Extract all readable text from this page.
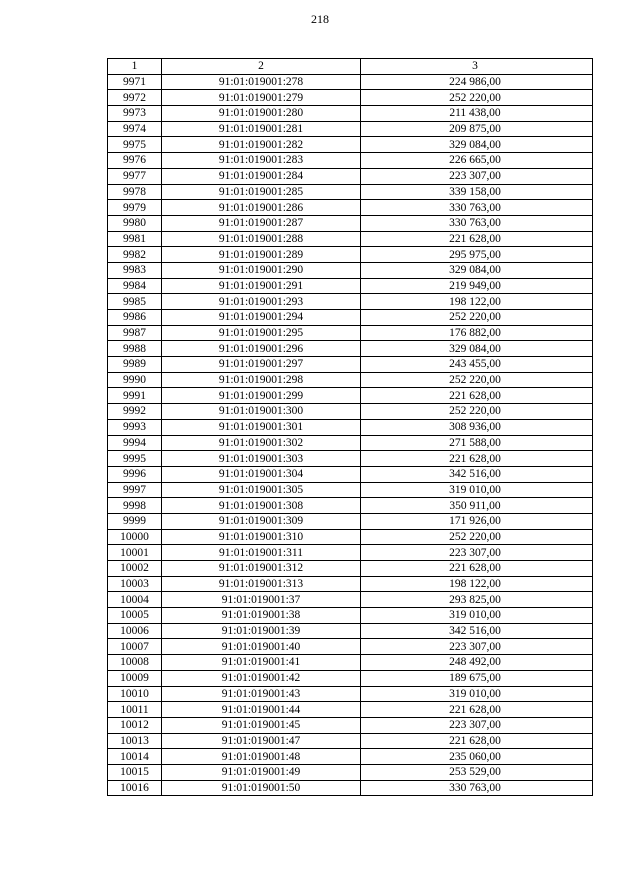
218
1	2	3
9971	91:01:019001:278	224 986,00
9972	91:01:019001:279	252 220,00
9973	91:01:019001:280	211 438,00
9974	91:01:019001:281	209 875,00
9975	91:01:019001:282	329 084,00
9976	91:01:019001:283	226 665,00
9977	91:01:019001:284	223 307,00
9978	91:01:019001:285	339 158,00
9979	91:01:019001:286	330 763,00
9980	91:01:019001:287	330 763,00
9981	91:01:019001:288	221 628,00
9982	91:01:019001:289	295 975,00
9983	91:01:019001:290	329 084,00
9984	91:01:019001:291	219 949,00
9985	91:01:019001:293	198 122,00
9986	91:01:019001:294	252 220,00
9987	91:01:019001:295	176 882,00
9988	91:01:019001:296	329 084,00
9989	91:01:019001:297	243 455,00
9990	91:01:019001:298	252 220,00
9991	91:01:019001:299	221 628,00
9992	91:01:019001:300	252 220,00
9993	91:01:019001:301	308 936,00
9994	91:01:019001:302	271 588,00
9995	91:01:019001:303	221 628,00
9996	91:01:019001:304	342 516,00
9997	91:01:019001:305	319 010,00
9998	91:01:019001:308	350 911,00
9999	91:01:019001:309	171 926,00
10000	91:01:019001:310	252 220,00
10001	91:01:019001:311	223 307,00
10002	91:01:019001:312	221 628,00
10003	91:01:019001:313	198 122,00
10004	91:01:019001:37	293 825,00
10005	91:01:019001:38	319 010,00
10006	91:01:019001:39	342 516,00
10007	91:01:019001:40	223 307,00
10008	91:01:019001:41	248 492,00
10009	91:01:019001:42	189 675,00
10010	91:01:019001:43	319 010,00
10011	91:01:019001:44	221 628,00
10012	91:01:019001:45	223 307,00
10013	91:01:019001:47	221 628,00
10014	91:01:019001:48	235 060,00
10015	91:01:019001:49	253 529,00
10016	91:01:019001:50	330 763,00
